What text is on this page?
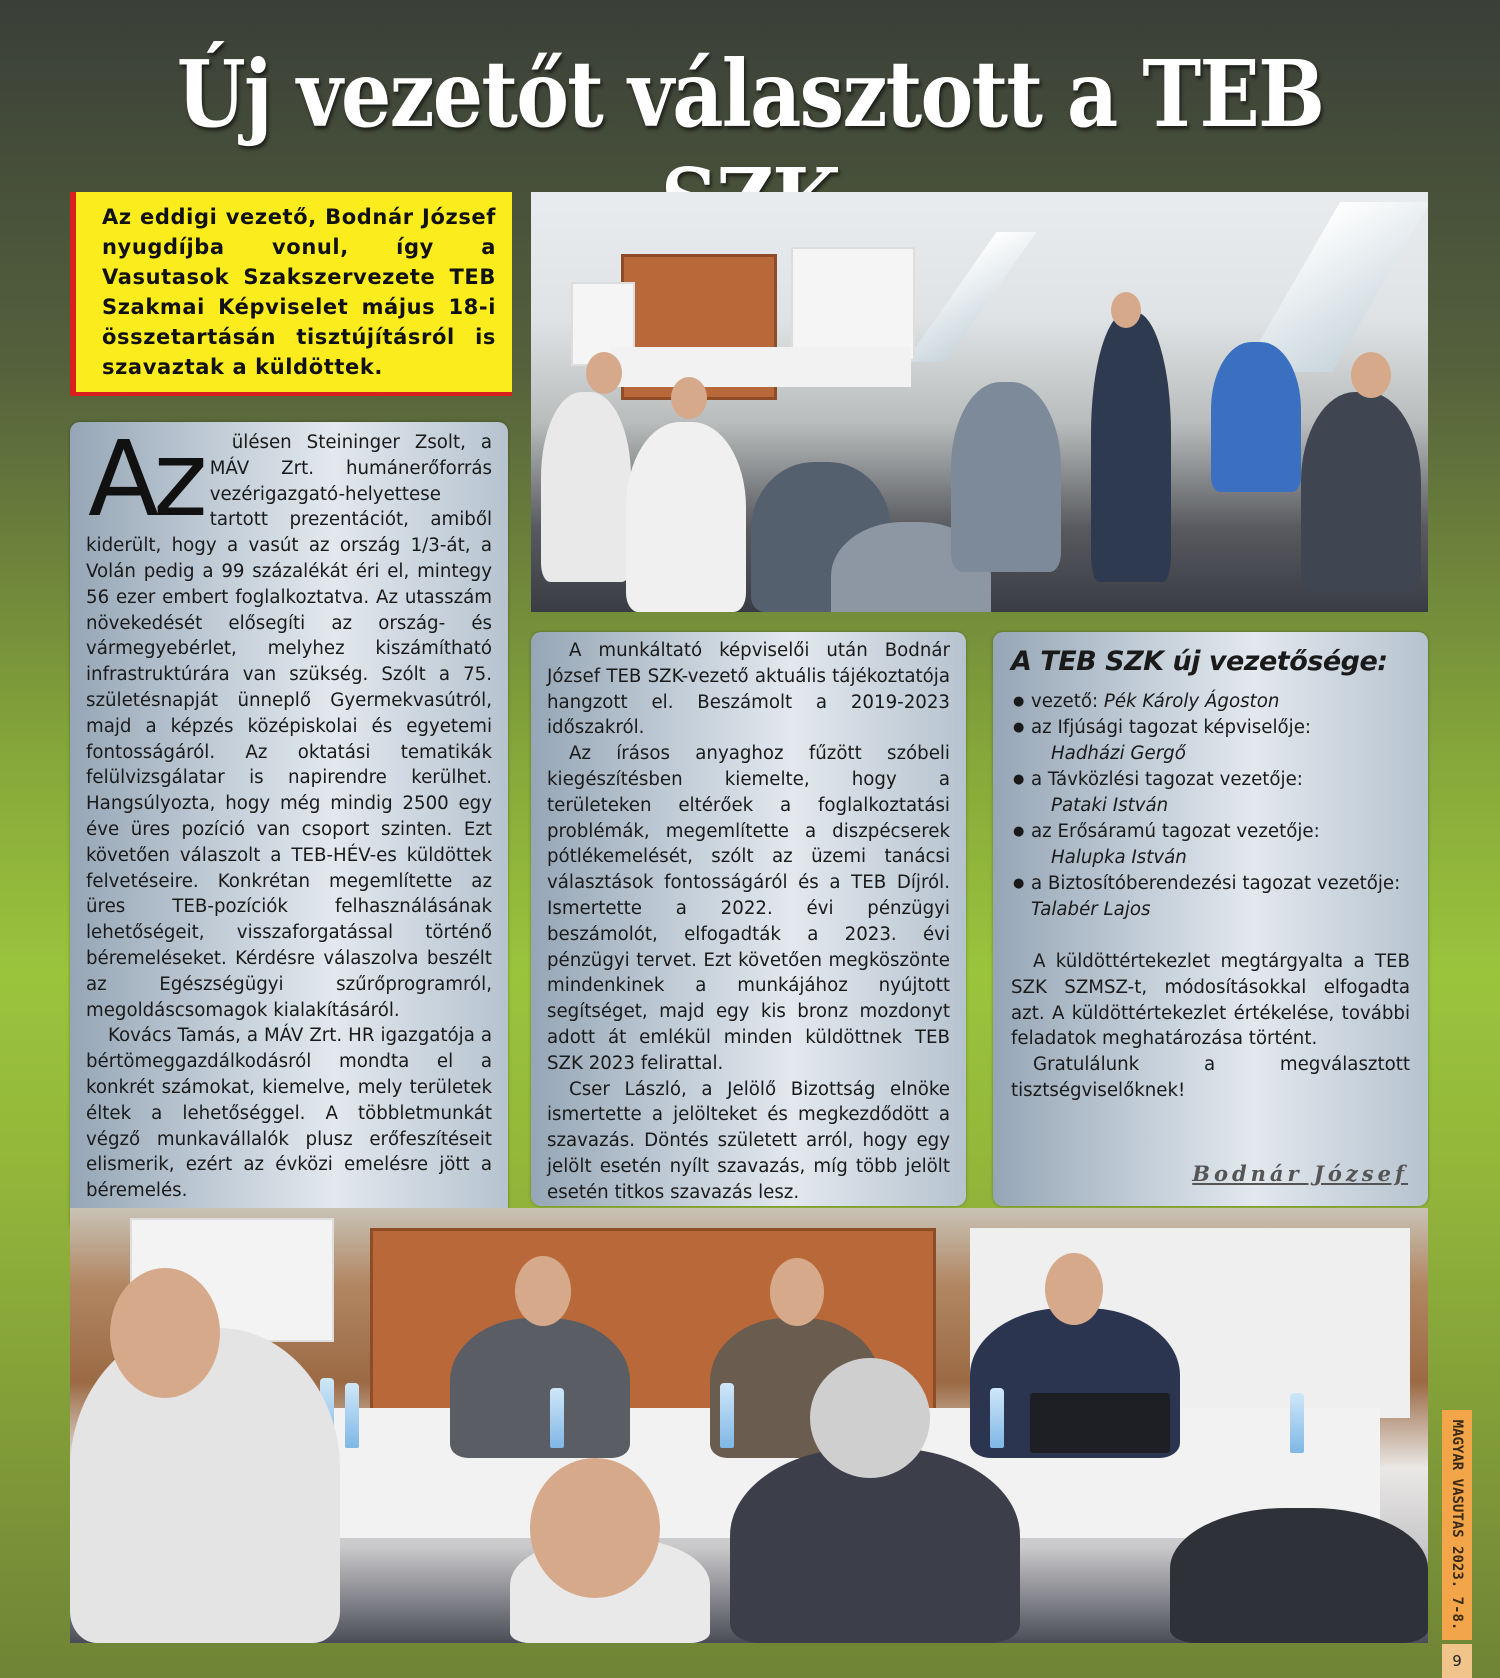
Új vezetőt választott a TEB
Az eddigi vezető, Bodnár József nyugdíjba vonul, így a Vasutasok Szakszervezete TEB Szakmai Képviselet május 18-i összetartásán tisztújításról is szavaztak a küldöttek.
Az	ülésen Steininger Zsolt, a MÁV Zrt. humánerőforrás vezérigazgató-helyettese tartott prezentációt, amiből kiderült, hogy a vasút az ország 1/3-át, a Volán pedig a 99 százalékát éri el, mintegy 56 ezer embert foglalkoztatva. Az utasszám növekedését elősegíti az ország- és vármegyebérlet, melyhez kiszámítható infrastruktúrára van szükség. Szólt a 75. születésnapját ünneplő Gyermekvasútról, majd a képzés középiskolai és egyetemi fontosságáról. Az oktatási tematikák felülvizsgálatar is napirendre kerülhet. Hangsúlyozta, hogy még mindig 2500 egy éve üres pozíció van csoport szinten. Ezt követően válaszolt a TEB-HÉV-es küldöttek felvetéseire. Konkrétan megemlítette az üres TEB-pozíciók felhasználásának lehetőségeit, visszaforgatással történő béremeléseket. Kérdésre válaszolva beszélt az Egészségügyi szűrőprogramról, megoldáscsomagok kialakításáról.

Kovács Tamás, a MÁV Zrt. HR igazgatója a bértömeggazdálkodásról mondta el a konkrét számokat, kiemelve, mely területek éltek a lehetőséggel. A többletmunkát végző munkavállalók plusz erőfeszítéseit elismerik, ezért az évközi emelésre jött a béremelés.

A munkáltató képviselői után Bodnár József TEB SZK-vezető aktuális tájékoztatója hangzott el. Beszámolt a 2019-2023 időszakról.

Az írásos anyaghoz fűzött szóbeli kiegészítésben kiemelte, hogy a területeken eltérőek a foglalkoztatási problémák, megemlítette a diszpécserek pótlékemelését, szólt az üzemi tanácsi választások fontosságáról és a TEB Díjról. Ismertette a 2022. évi pénzügyi beszámolót, elfogadták a 2023. évi pénzügyi tervet. Ezt követően megköszönte mindenkinek a munkájához nyújtott segítséget, majd egy kis bronz mozdonyt adott át emlékül minden küldöttnek TEB SZK 2023 felirattal.

Cser László, a Jelölő Bizottság elnöke ismertette a jelölteket és megkezdődött a szavazás. Döntés született arról, hogy egy jelölt esetén nyílt szavazás, míg több jelölt esetén titkos szavazás lesz.

A TEB SZK új vezetősége:
● vezető: Pék Károly Ágoston
● az Ifjúsági tagozat képviselője:
Hadházi Gergő
● a Távközlési tagozat vezetője:
Pataki István
● az Erősáramú tagozat vezetője:
Halupka István
● a Biztosítóberendezési tagozat vezetője: Talabér Lajos

A küldöttértekezlet megtárgyalta a TEB SZK SZMSZ-t, módosításokkal elfogadta azt. A küldöttértekezlet értékelése, további feladatok meghatározása történt.

Gratulálunk a megválasztott tisztségviselőknek!

Bodnár József
MAGYAR VASUTAS 2023. 7-8.
9
